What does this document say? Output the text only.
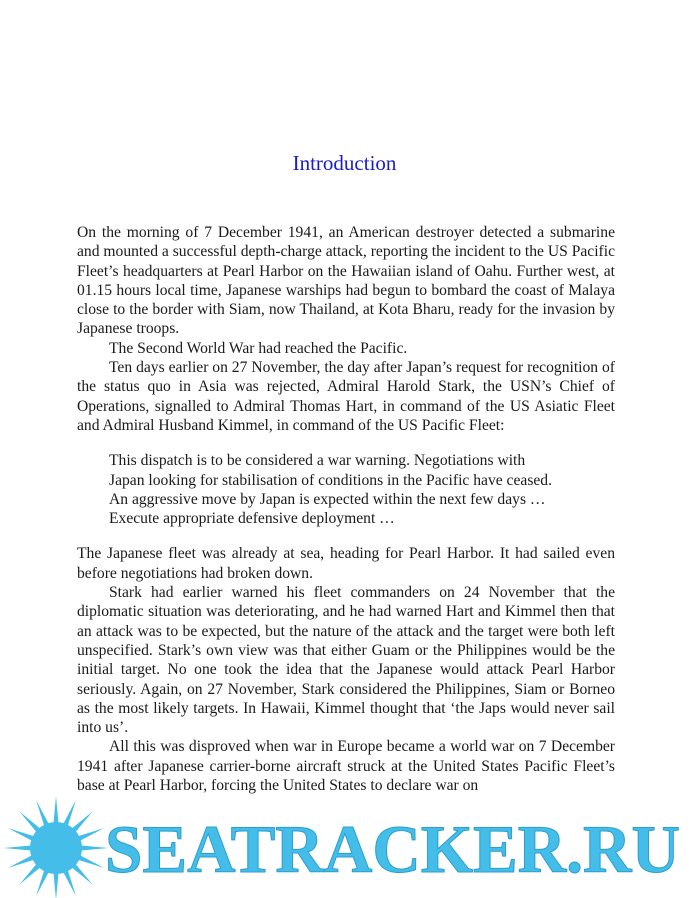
Introduction

On the morning of 7 December 1941, an American destroyer detected a submarine and mounted a successful depth-charge attack, reporting the incident to the US Pacific Fleet’s headquarters at Pearl Harbor on the Hawaiian island of Oahu. Further west, at 01.15 hours local time, Japanese warships had begun to bombard the coast of Malaya close to the border with Siam, now Thailand, at Kota Bharu, ready for the invasion by Japanese troops.

The Second World War had reached the Pacific.

Ten days earlier on 27 November, the day after Japan’s request for recognition of the status quo in Asia was rejected, Admiral Harold Stark, the USN’s Chief of Operations, signalled to Admiral Thomas Hart, in command of the US Asiatic Fleet and Admiral Husband Kimmel, in command of the US Pacific Fleet:

This dispatch is to be considered a war warning. Negotiations with
Japan looking for stabilisation of conditions in the Pacific have ceased.
An aggressive move by Japan is expected within the next few days …
Execute appropriate defensive deployment …

The Japanese fleet was already at sea, heading for Pearl Harbor. It had sailed even before negotiations had broken down.

Stark had earlier warned his fleet commanders on 24 November that the diplomatic situation was deteriorating, and he had warned Hart and Kimmel then that an attack was to be expected, but the nature of the attack and the target were both left unspecified. Stark’s own view was that either Guam or the Philippines would be the initial target. No one took the idea that the Japanese would attack Pearl Harbor seriously. Again, on 27 November, Stark considered the Philippines, Siam or Borneo as the most likely targets. In Hawaii, Kimmel thought that ‘the Japs would never sail into us’.

All this was disproved when war in Europe became a world war on 7 December 1941 after Japanese carrier-borne aircraft struck at the United States Pacific Fleet’s base at Pearl Harbor, forcing the United States to declare war on

SEATRACKER.RU
